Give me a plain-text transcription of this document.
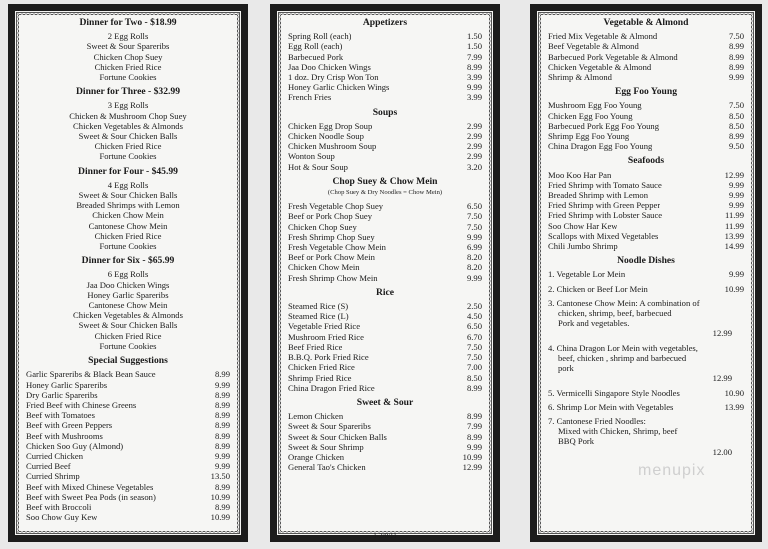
Dinner for Two - $18.99
2 Egg Rolls
Sweet & Sour Spareribs
Chicken Chop Suey
Chicken Fried Rice
Fortune Cookies
Dinner for Three - $32.99
3 Egg Rolls
Chicken & Mushroom Chop Suey
Chicken Vegetables & Almonds
Sweet & Sour Chicken Balls
Chicken Fried Rice
Fortune Cookies
Dinner for Four - $45.99
4 Egg Rolls
Sweet & Sour Chicken Balls
Breaded Shrimps with Lemon
Chicken Chow Mein
Cantonese Chow Mein
Chicken Fried Rice
Fortune Cookies
Dinner for Six - $65.99
6 Egg Rolls
Jaa Doo Chicken Wings
Honey Garlic Spareribs
Cantonese Chow Mein
Chicken Vegetables & Almonds
Sweet & Sour Chicken Balls
Chicken Fried Rice
Fortune Cookies
Special Suggestions
Garlic Spareribs & Black Bean Sauce	8.99
Honey Garlic Spareribs	9.99
Dry Garlic Spareribs	8.99
Fried Beef with Chinese Greens	8.99
Beef with Tomatoes	8.99
Beef with Green Peppers	8.99
Beef with Mushrooms	8.99
Chicken Soo Guy (Almond)	8.99
Curried Chicken	9.99
Curried Beef	9.99
Curried Shrimp	13.50
Beef with Mixed Chinese Vegetables	8.99
Beef with Sweet Pea Pods (in season)	10.99
Beef with Broccoli	8.99
Soo Chow Guy Kew	10.99
Appetizers
Spring Roll (each)	1.50
Egg Roll (each)	1.50
Barbecued Pork	7.99
Jaa Doo Chicken Wings	8.99
1 doz. Dry Crisp Won Ton	3.99
Honey Garlic Chicken Wings	9.99
French Fries	3.99
Soups
Chicken Egg Drop Soup	2.99
Chicken Noodle Soup	2.99
Chicken Mushroom Soup	2.99
Wonton Soup	2.99
Hot & Sour Soup	3.20
Chop Suey & Chow Mein
(Chop Suey & Dry Noodles = Chow Mein)
Fresh Vegetable Chop Suey	6.50
Beef or Pork Chop Suey	7.50
Chicken Chop Suey	7.50
Fresh Shrimp Chop Suey	9.99
Fresh Vegetable Chow Mein	6.99
Beef or Pork Chow Mein	8.20
Chicken Chow Mein	8.20
Fresh Shrimp Chow Mein	9.99
Rice
Steamed Rice (S)	2.50
Steamed Rice (L)	4.50
Vegetable Fried Rice	6.50
Mushroom Fried Rice	6.70
Beef Fried Rice	7.50
B.B.Q. Pork Fried Rice	7.50
Chicken Fried Rice	7.00
Shrimp Fried Rice	8.50
China Dragon Fried Rice	8.99
Sweet & Sour
Lemon Chicken	8.99
Sweet & Sour Spareribs	7.99
Sweet & Sour Chicken Balls	8.99
Sweet & Sour Shrimp	9.99
Orange Chicken	10.99
General Tao's Chicken	12.99
1-2/0/11
Vegetable & Almond
Fried Mix Vegetable & Almond	7.50
Beef Vegetable & Almond	8.99
Barbecued Pork Vegetable & Almond	8.99
Chicken Vegetable & Almond	8.99
Shrimp & Almond	9.99
Egg Foo Young
Mushroom Egg Foo Young	7.50
Chicken Egg Foo Young	8.50
Barbecued Pork Egg Foo Young	8.50
Shrimp Egg Foo Young	8.99
China Dragon Egg Foo Young	9.50
Seafoods
Moo Koo Har Pan	12.99
Fried Shrimp with Tomato Sauce	9.99
Breaded Shrimp with Lemon	9.99
Fried Shrimp with Green Pepper	9.99
Fried Shrimp with Lobster Sauce	11.99
Soo Chow Har Kew	11.99
Scallops with Mixed Vegetables	13.99
Chili Jumbo Shrimp	14.99
Noodle Dishes
1. Vegetable Lor Mein	9.99
2. Chicken or Beef Lor Mein	10.99
3. Cantonese Chow Mein: A combination of
chicken, shrimp, beef, barbecued
Pork and vegetables.
12.99
4. China Dragon Lor Mein with vegetables,
beef, chicken , shrimp and barbecued
pork
12.99
5. Vermicelli Singapore Style Noodles	10.90
6. Shrimp Lor Mein with Vegetables	13.99
7. Cantonese Fried Noodles:
Mixed with Chicken, Shrimp, beef
BBQ Pork
12.00
menupix
